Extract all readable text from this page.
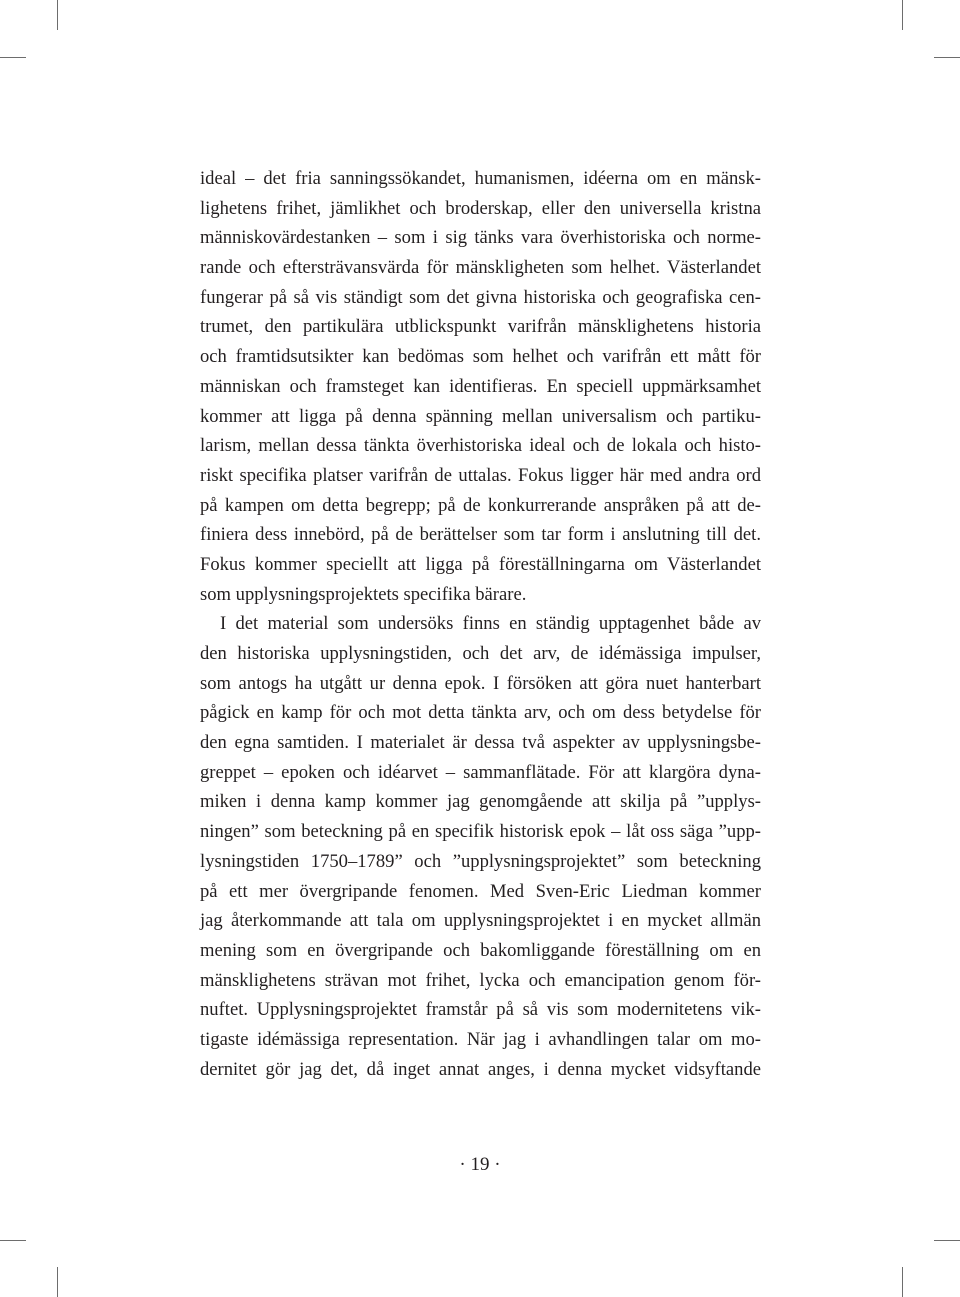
ideal – det fria sanningssökandet, humanismen, idéerna om en mänsk-
lighetens frihet, jämlikhet och broderskap, eller den universella kristna
människovärdestanken – som i sig tänks vara överhistoriska och norme-
rande och eftersträvansvärda för mänskligheten som helhet. Västerlandet
fungerar på så vis ständigt som det givna historiska och geografiska cen-
trumet, den partikulära utblickspunkt varifrån mänsklighetens historia
och framtidsutsikter kan bedömas som helhet och varifrån ett mått för
människan och framsteget kan identifieras. En speciell uppmärksamhet
kommer att ligga på denna spänning mellan universalism och partiku-
larism, mellan dessa tänkta överhistoriska ideal och de lokala och histo-
riskt specifika platser varifrån de uttalas. Fokus ligger här med andra ord
på kampen om detta begrepp; på de konkurrerande anspråken på att de-
finiera dess innebörd, på de berättelser som tar form i anslutning till det.
Fokus kommer speciellt att ligga på föreställningarna om Västerlandet
som upplysningsprojektets specifika bärare.
I det material som undersöks finns en ständig upptagenhet både av
den historiska upplysningstiden, och det arv, de idémässiga impulser,
som antogs ha utgått ur denna epok. I försöken att göra nuet hanterbart
pågick en kamp för och mot detta tänkta arv, och om dess betydelse för
den egna samtiden. I materialet är dessa två aspekter av upplysningsbe-
greppet – epoken och idéarvet – sammanflätade. För att klargöra dyna-
miken i denna kamp kommer jag genomgående att skilja på ”upplys-
ningen” som beteckning på en specifik historisk epok – låt oss säga ”upp-
lysningstiden 1750–1789” och ”upplysningsprojektet” som beteckning
på ett mer övergripande fenomen. Med Sven-Eric Liedman kommer
jag återkommande att tala om upplysningsprojektet i en mycket allmän
mening som en övergripande och bakomliggande föreställning om en
mänsklighetens strävan mot frihet, lycka och emancipation genom för-
nuftet. Upplysningsprojektet framstår på så vis som modernitetens vik-
tigaste idémässiga representation. När jag i avhandlingen talar om mo-
dernitet gör jag det, då inget annat anges, i denna mycket vidsyftande
· 19 ·
